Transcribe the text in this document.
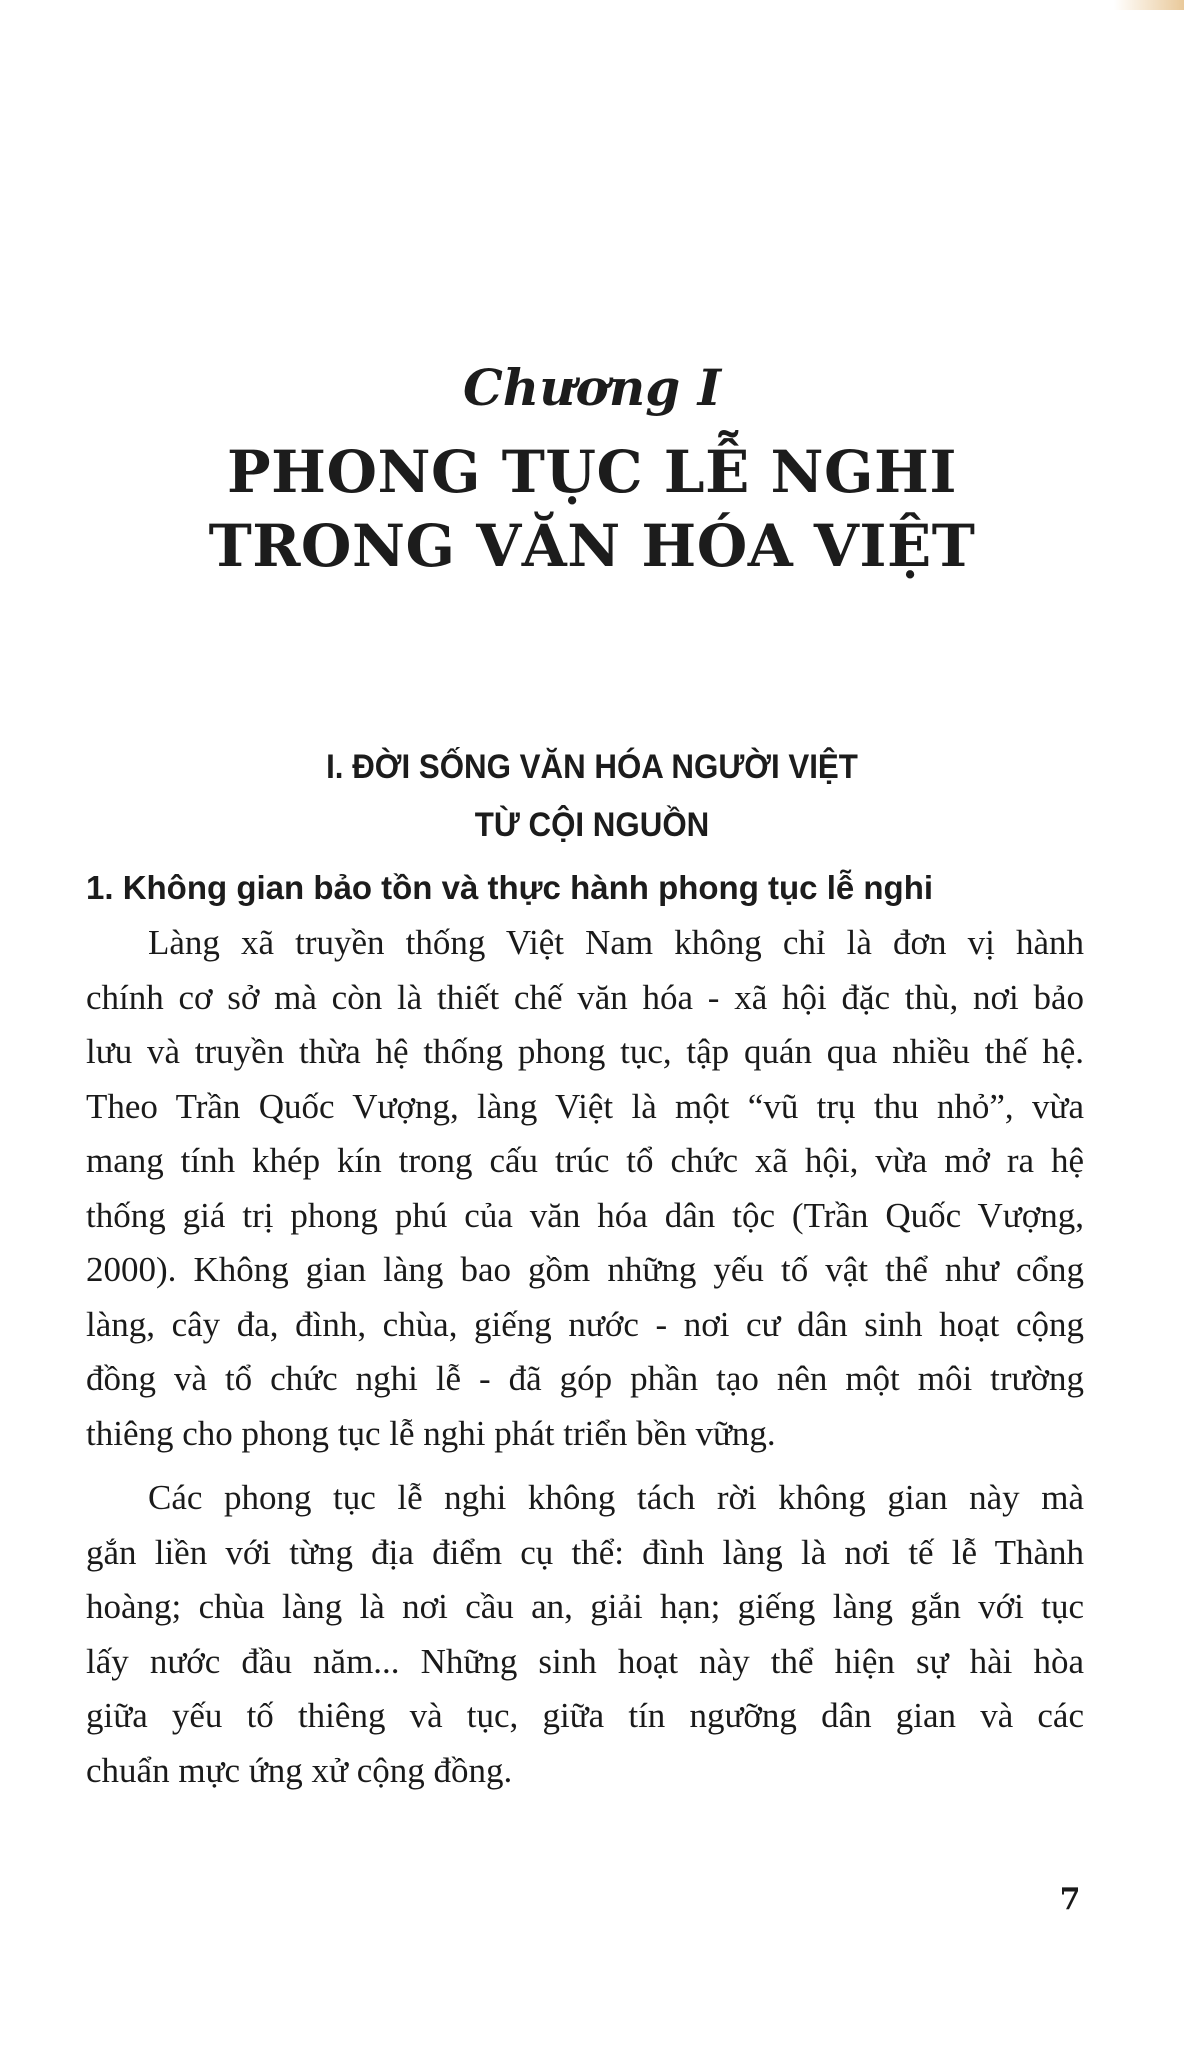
Chương I
PHONG TỤC LỄ NGHI
TRONG VĂN HÓA VIỆT
I. ĐỜI SỐNG VĂN HÓA NGƯỜI VIỆT
TỪ CỘI NGUỒN
1. Không gian bảo tồn và thực hành phong tục lễ nghi

Làng xã truyền thống Việt Nam không chỉ là đơn vị hành
chính cơ sở mà còn là thiết chế văn hóa - xã hội đặc thù, nơi bảo
lưu và truyền thừa hệ thống phong tục, tập quán qua nhiều thế hệ.
Theo Trần Quốc Vượng, làng Việt là một “vũ trụ thu nhỏ”, vừa
mang tính khép kín trong cấu trúc tổ chức xã hội, vừa mở ra hệ
thống giá trị phong phú của văn hóa dân tộc (Trần Quốc Vượng,
2000). Không gian làng bao gồm những yếu tố vật thể như cổng
làng, cây đa, đình, chùa, giếng nước - nơi cư dân sinh hoạt cộng
đồng và tổ chức nghi lễ - đã góp phần tạo nên một môi trường
thiêng cho phong tục lễ nghi phát triển bền vững.

Các phong tục lễ nghi không tách rời không gian này mà
gắn liền với từng địa điểm cụ thể: đình làng là nơi tế lễ Thành
hoàng; chùa làng là nơi cầu an, giải hạn; giếng làng gắn với tục
lấy nước đầu năm... Những sinh hoạt này thể hiện sự hài hòa
giữa yếu tố thiêng và tục, giữa tín ngưỡng dân gian và các
chuẩn mực ứng xử cộng đồng.

7
